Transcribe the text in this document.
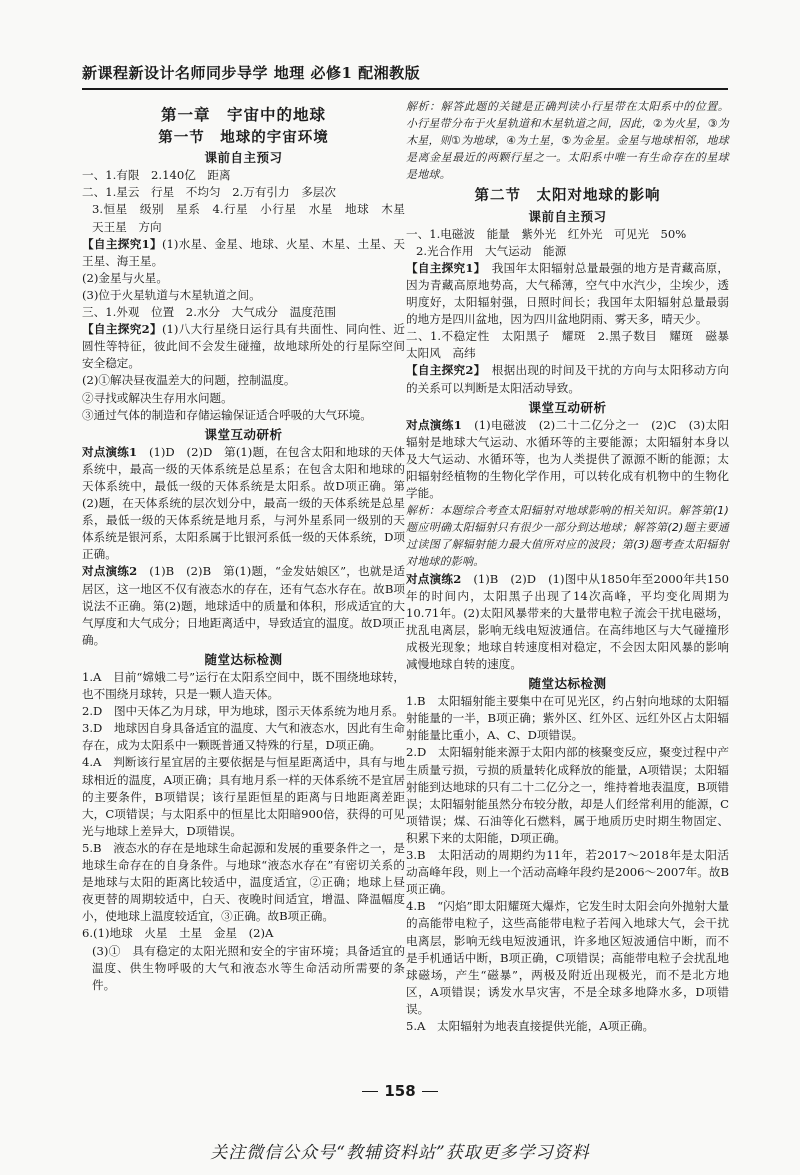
新课程新设计名师同步导学 地理 必修1 配湘教版
第一章　宇宙中的地球
第一节　地球的宇宙环境
课前自主预习

一、1.有限　2.140亿　距离

二、1.星云　行星　不均匀　2.万有引力　多层次

3.恒星　级别　星系　4.行星　小行星　水星　地球　木星　天王星　方向

【自主探究1】(1)水星、金星、地球、火星、木星、土星、天王星、海王星。

(2)金星与火星。

(3)位于火星轨道与木星轨道之间。

三、1.外观　位置　2.水分　大气成分　温度范围

【自主探究2】(1)八大行星绕日运行具有共面性、同向性、近圆性等特征，彼此间不会发生碰撞，故地球所处的行星际空间安全稳定。

(2)①解决昼夜温差大的问题，控制温度。

②寻找或解决生存用水问题。

③通过气体的制造和存储运输保证适合呼吸的大气环境。

课堂互动研析

对点演练1　 (1)D　(2)D　第(1)题，在包含太阳和地球的天体系统中，最高一级的天体系统是总星系；在包含太阳和地球的天体系统中，最低一级的天体系统是太阳系。故D项正确。第(2)题，在天体系统的层次划分中，最高一级的天体系统是总星系，最低一级的天体系统是地月系，与河外星系同一级别的天体系统是银河系，太阳系属于比银河系低一级的天体系统，D项正确。

对点演练2　 (1)B　(2)B　第(1)题，“金发姑娘区”，也就是适居区，这一地区不仅有液态水的存在，还有气态水存在。故B项说法不正确。第(2)题，地球适中的质量和体积，形成适宜的大气厚度和大气成分；日地距离适中，导致适宜的温度。故D项正确。

随堂达标检测

1.A　目前“嫦娥二号”运行在太阳系空间中，既不围绕地球转，也不围绕月球转，只是一颗人造天体。

2.D　图中天体乙为月球，甲为地球，图示天体系统为地月系。

3.D　地球因自身具备适宜的温度、大气和液态水，因此有生命存在，成为太阳系中一颗既普通又特殊的行星，D项正确。

4.A　判断该行星宜居的主要依据是与恒星距离适中，具有与地球相近的温度，A项正确；具有地月系一样的天体系统不是宜居的主要条件，B项错误；该行星距恒星的距离与日地距离差距大，C项错误；与太阳系中的恒星比太阳暗900倍，获得的可见光与地球上差异大，D项错误。

5.B　液态水的存在是地球生命起源和发展的重要条件之一，是地球生命存在的自身条件。与地球“液态水存在”有密切关系的是地球与太阳的距离比较适中，温度适宜，②正确；地球上昼夜更替的周期较适中，白天、夜晚时间适宜，增温、降温幅度小，使地球上温度较适宜，③正确。故B项正确。

6.(1)地球　火星　土星　金星　(2)A

(3)①　具有稳定的太阳光照和安全的宇宙环境；具备适宜的温度、供生物呼吸的大气和液态水等生命活动所需要的条件。

解析：解答此题的关键是正确判读小行星带在太阳系中的位置。小行星带分布于火星轨道和木星轨道之间，因此，②为火星，③为木星，则①为地球，④为土星，⑤为金星。金星与地球相邻，地球是离金星最近的两颗行星之一。太阳系中唯一有生命存在的星球是地球。

第二节　太阳对地球的影响
课前自主预习

一、1.电磁波　能量　紫外光　红外光　可见光　50%

2.光合作用　大气运动　能源

【自主探究1】　 我国年太阳辐射总量最强的地方是青藏高原，因为青藏高原地势高，大气稀薄，空气中水汽少，尘埃少，透明度好，太阳辐射强，日照时间长；我国年太阳辐射总量最弱的地方是四川盆地，因为四川盆地阴雨、雾天多，晴天少。

二、1.不稳定性　太阳黑子　耀斑　2.黑子数目　耀斑　磁暴　太阳风　高纬

【自主探究2】　 根据出现的时间及干扰的方向与太阳移动方向的关系可以判断是太阳活动导致。

课堂互动研析

对点演练1　 (1)电磁波　(2)二十二亿分之一　(2)C　(3)太阳辐射是地球大气运动、水循环等的主要能源；太阳辐射本身以及大气运动、水循环等，也为人类提供了源源不断的能源；太阳辐射经植物的生物化学作用，可以转化成有机物中的生物化学能。

解析：本题综合考查太阳辐射对地球影响的相关知识。解答第(1)题应明确太阳辐射只有很少一部分到达地球；解答第(2)题主要通过读图了解辐射能力最大值所对应的波段；第(3)题考查太阳辐射对地球的影响。

对点演练2　 (1)B　(2)D　(1)图中从1850年至2000年共150年的时间内，太阳黑子出现了14次高峰，平均变化周期为10.71年。(2)太阳风暴带来的大量带电粒子流会干扰电磁场，扰乱电离层，影响无线电短波通信。在高纬地区与大气碰撞形成极光现象；地球自转速度相对稳定，不会因太阳风暴的影响减慢地球自转的速度。

随堂达标检测

1.B　太阳辐射能主要集中在可见光区，约占射向地球的太阳辐射能量的一半，B项正确；紫外区、红外区、远红外区占太阳辐射能量比重小，A、C、D项错误。

2.D　太阳辐射能来源于太阳内部的核聚变反应，聚变过程中产生质量亏损，亏损的质量转化成释放的能量，A项错误；太阳辐射能到达地球的只有二十二亿分之一，维持着地表温度，B项错误；太阳辐射能虽然分布较分散，却是人们经常利用的能源，C项错误；煤、石油等化石燃料，属于地质历史时期生物固定、积累下来的太阳能，D项正确。

3.B　太阳活动的周期约为11年，若2017～2018年是太阳活动高峰年段，则上一个活动高峰年段约是2006～2007年。故B项正确。

4.B　“闪焰”即太阳耀斑大爆炸，它发生时太阳会向外抛射大量的高能带电粒子，这些高能带电粒子若闯入地球大气，会干扰电离层，影响无线电短波通讯，许多地区短波通信中断，而不是手机通话中断，B项正确，C项错误；高能带电粒子会扰乱地球磁场，产生“磁暴”，两极及附近出现极光，而不是北方地区，A项错误；诱发水旱灾害，不是全球多地降水多，D项错误。

5.A　太阳辐射为地表直接提供光能，A项正确。

158
关注微信公众号“教辅资料站”获取更多学习资料
